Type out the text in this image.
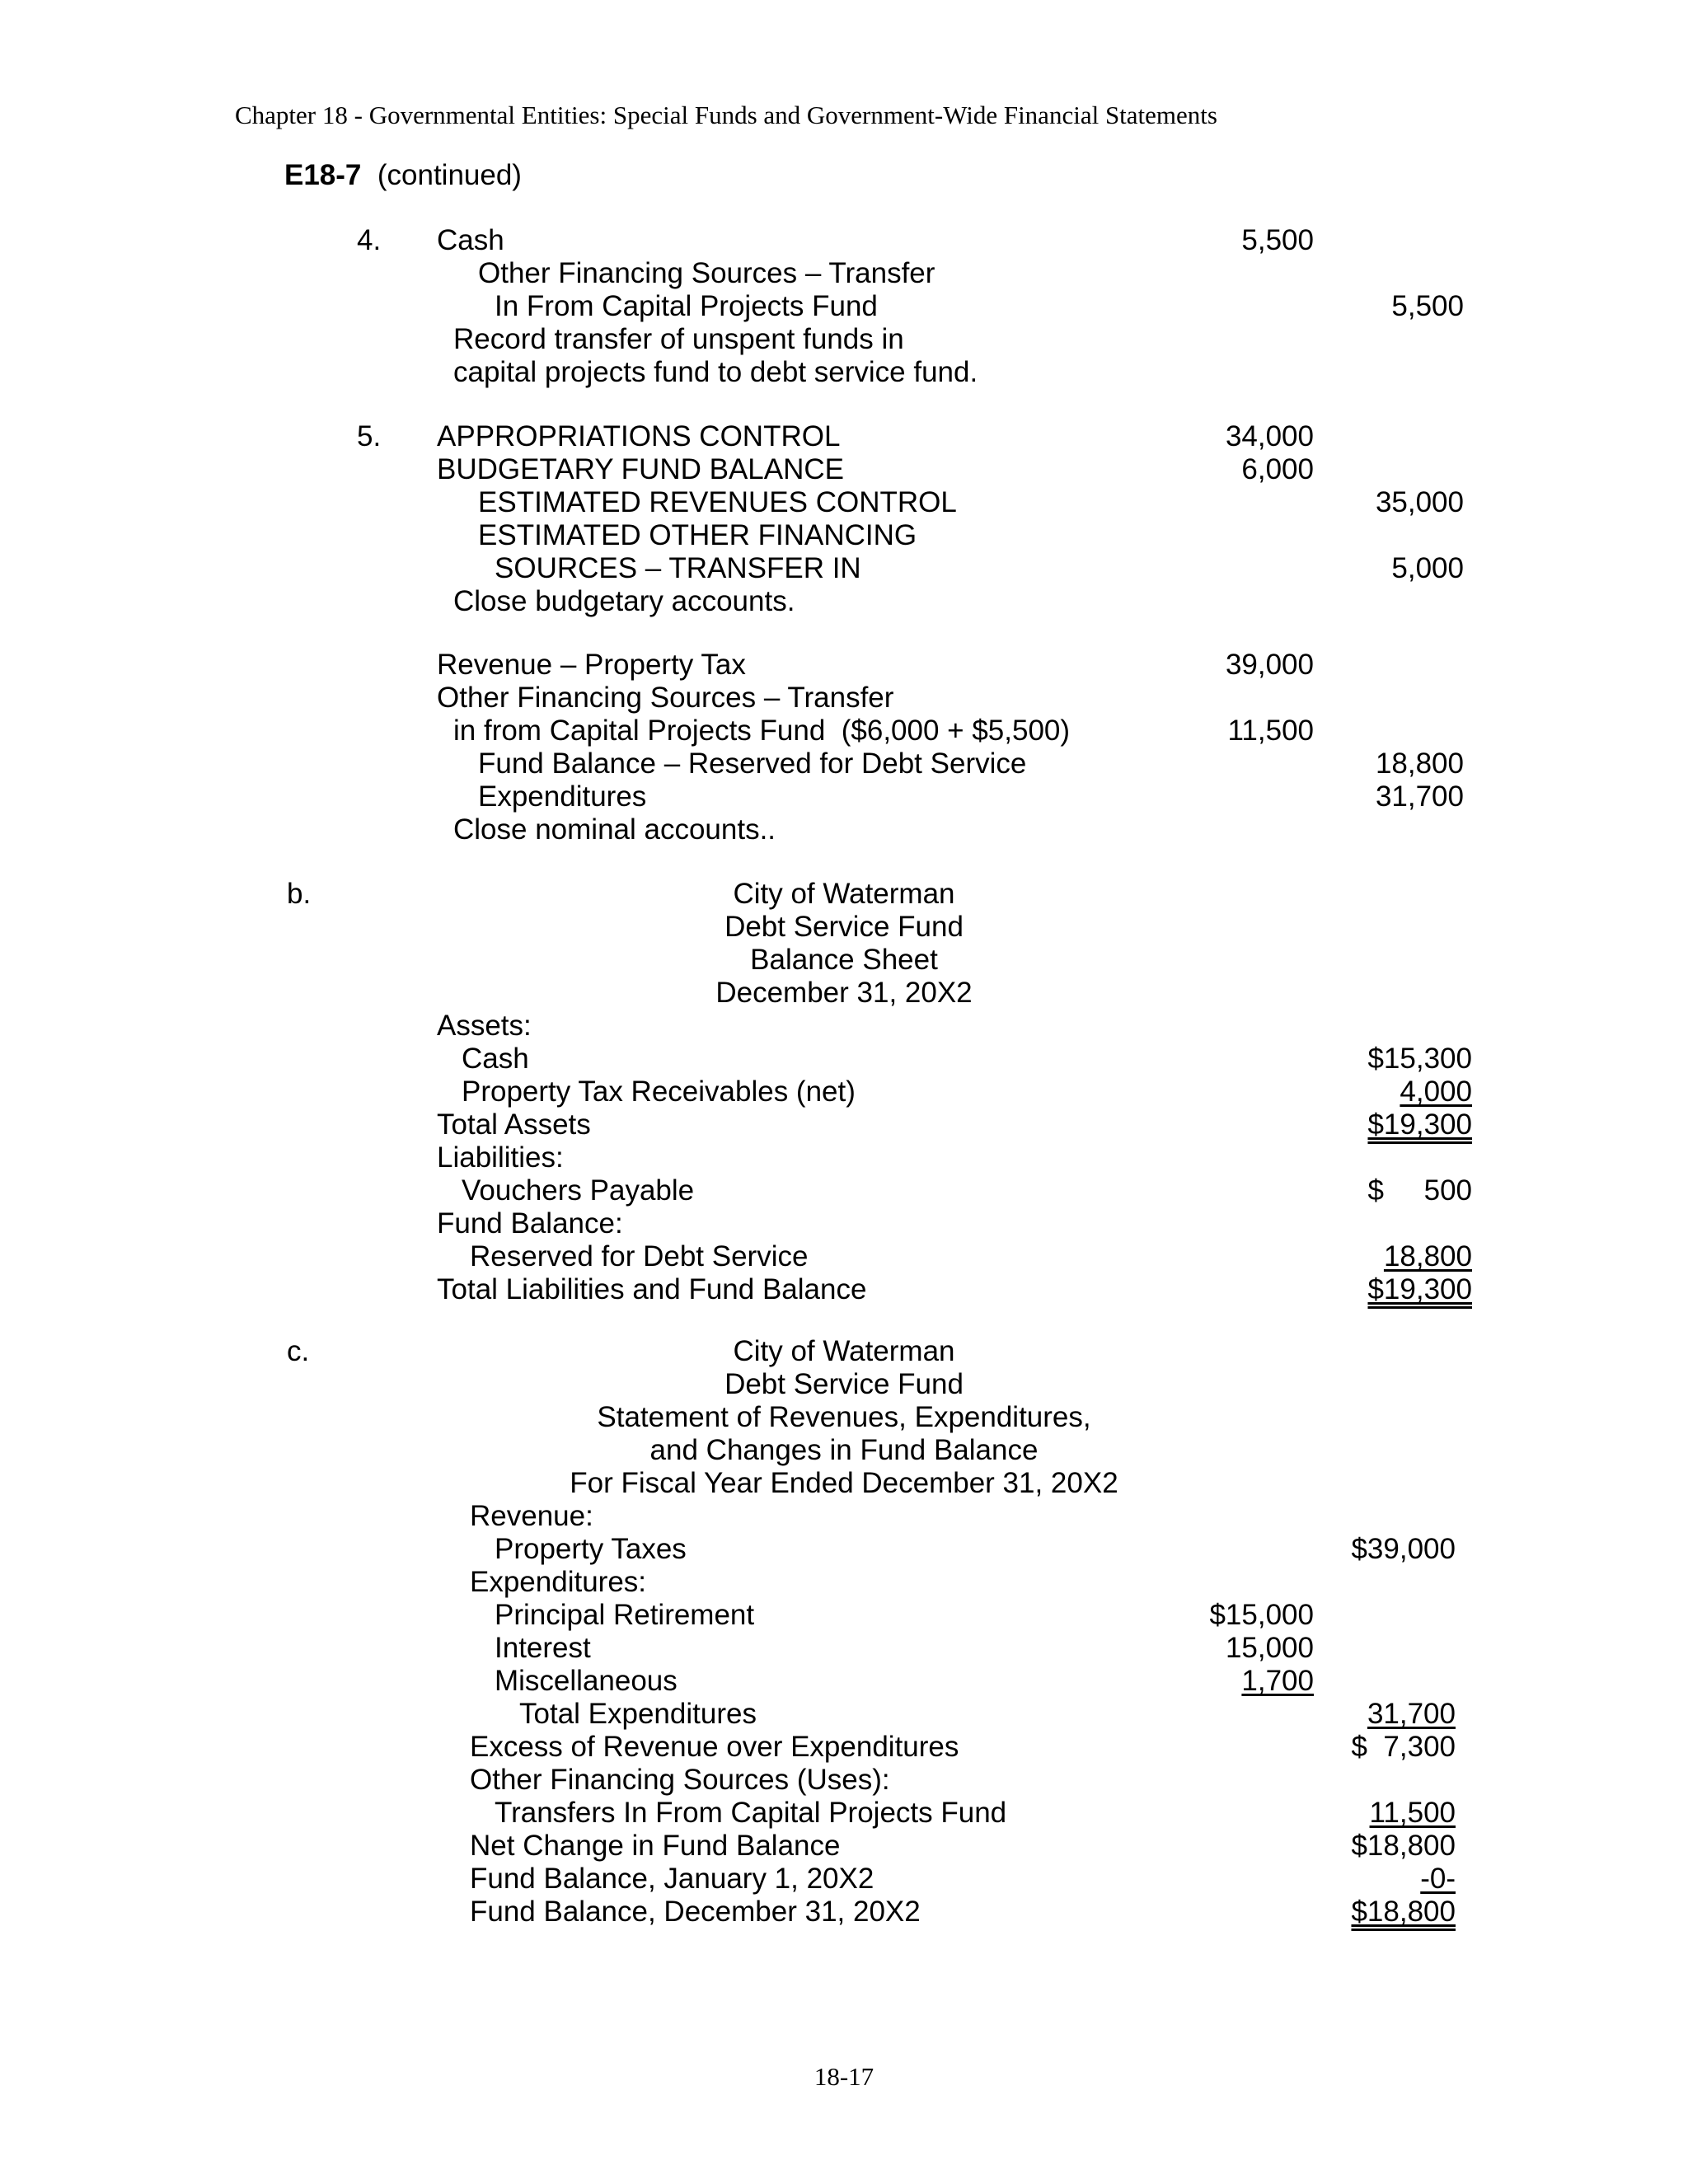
Chapter 18 - Governmental Entities: Special Funds and Government-Wide Financial Statements
E18-7 (continued)
4. Cash	5,500
Other Financing Sources – Transfer
In From Capital Projects Fund	5,500
Record transfer of unspent funds in
capital projects fund to debt service fund.
5. APPROPRIATIONS CONTROL	34,000
BUDGETARY FUND BALANCE	6,000
ESTIMATED REVENUES CONTROL	35,000
ESTIMATED OTHER FINANCING
SOURCES – TRANSFER IN	5,000
Close budgetary accounts.
Revenue – Property Tax	39,000
Other Financing Sources – Transfer
in from Capital Projects Fund  ($6,000 + $5,500)	11,500
Fund Balance – Reserved for Debt Service	18,800
Expenditures	31,700
Close nominal accounts..
b.	City of Waterman
Debt Service Fund
Balance Sheet
December 31, 20X2
Assets:
Cash	$15,300
Property Tax Receivables (net)	4,000
Total Assets	$19,300
Liabilities:
Vouchers Payable	$     500
Fund Balance:
Reserved for Debt Service	18,800
Total Liabilities and Fund Balance	$19,300
c.	City of Waterman
Debt Service Fund
Statement of Revenues, Expenditures,
and Changes in Fund Balance
For Fiscal Year Ended December 31, 20X2
Revenue:
Property Taxes	$39,000
Expenditures:
Principal Retirement	$15,000
Interest	15,000
Miscellaneous	1,700
Total Expenditures	31,700
Excess of Revenue over Expenditures	$  7,300
Other Financing Sources (Uses):
Transfers In From Capital Projects Fund	11,500
Net Change in Fund Balance	$18,800
Fund Balance, January 1, 20X2	-0-
Fund Balance, December 31, 20X2	$18,800
18-17
